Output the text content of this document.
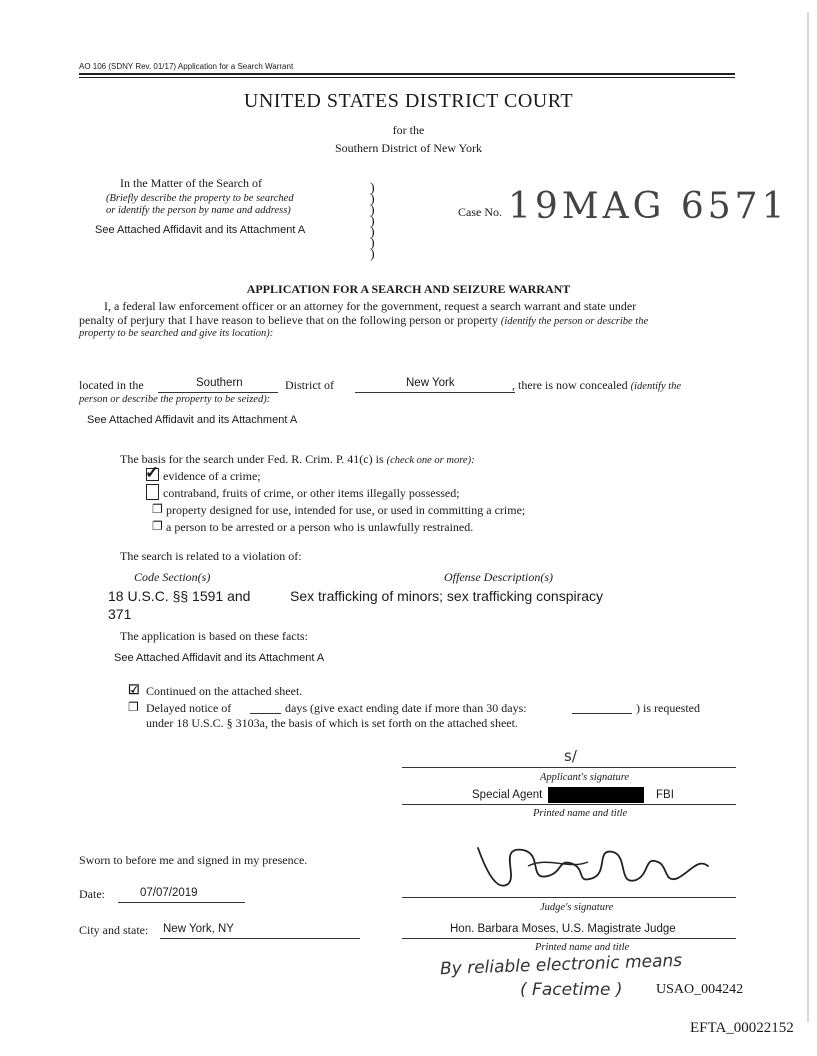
AO 106 (SDNY Rev. 01/17) Application for a Search Warrant
UNITED STATES DISTRICT COURT
for the
Southern District of New York
In the Matter of the Search of
(Briefly describe the property to be searched
or identify the person by name and address)
See Attached Affidavit and its Attachment A
)
)
)
)
)
)
)
Case No. 19MAG 6571
APPLICATION FOR A SEARCH AND SEIZURE WARRANT
I, a federal law enforcement officer or an attorney for the government, request a search warrant and state under
penalty of perjury that I have reason to believe that on the following person or property (identify the person or describe the
property to be searched and give its location):
located in the	Southern	District of	New York	, there is now concealed (identify the
person or describe the property to be seized):
See Attached Affidavit and its Attachment A
The basis for the search under Fed. R. Crim. P. 41(c) is (check one or more):
✓ evidence of a crime;
contraband, fruits of crime, or other items illegally possessed;
❐ property designed for use, intended for use, or used in committing a crime;
❐ a person to be arrested or a person who is unlawfully restrained.
The search is related to a violation of:
Code Section(s)	Offense Description(s)
18 U.S.C. §§ 1591 and
371
Sex trafficking of minors; sex trafficking conspiracy
The application is based on these facts:
See Attached Affidavit and its Attachment A
☑ Continued on the attached sheet.
❐ Delayed notice of	days (give exact ending date if more than 30 days:	) is requested
under 18 U.S.C. § 3103a, the basis of which is set forth on the attached sheet.
s/
Applicant's signature
Special Agent	FBI
Printed name and title
Sworn to before me and signed in my presence.
Date:	07/07/2019
City and state: New York, NY
Judge's signature
Hon. Barbara Moses, U.S. Magistrate Judge
Printed name and title
By reliable electronic means
( Facetime ) USAO_004242
EFTA_00022152
